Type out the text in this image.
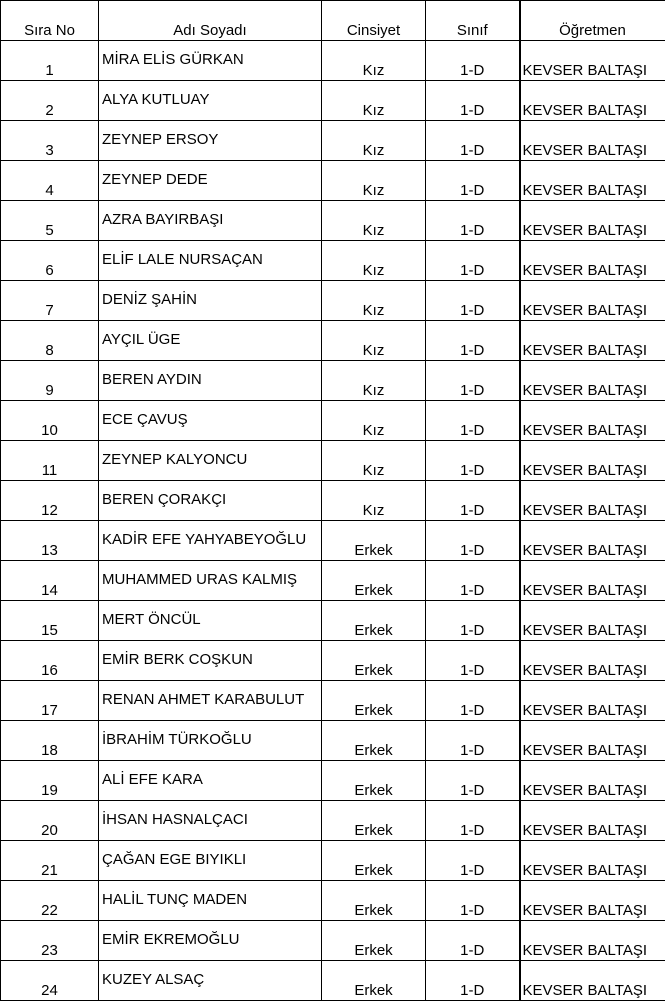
Sıra No	Adı Soyadı	Cinsiyet	Sınıf	Öğretmen
1	MİRA ELİS GÜRKAN	Kız	1-D	KEVSER BALTAŞI
2	ALYA KUTLUAY	Kız	1-D	KEVSER BALTAŞI
3	ZEYNEP ERSOY	Kız	1-D	KEVSER BALTAŞI
4	ZEYNEP DEDE	Kız	1-D	KEVSER BALTAŞI
5	AZRA BAYIRBAŞI	Kız	1-D	KEVSER BALTAŞI
6	ELİF LALE NURSAÇAN	Kız	1-D	KEVSER BALTAŞI
7	DENİZ ŞAHİN	Kız	1-D	KEVSER BALTAŞI
8	AYÇIL ÜGE	Kız	1-D	KEVSER BALTAŞI
9	BEREN AYDIN	Kız	1-D	KEVSER BALTAŞI
10	ECE ÇAVUŞ	Kız	1-D	KEVSER BALTAŞI
11	ZEYNEP KALYONCU	Kız	1-D	KEVSER BALTAŞI
12	BEREN ÇORAKÇI	Kız	1-D	KEVSER BALTAŞI
13	KADİR EFE YAHYABEYOĞLU	Erkek	1-D	KEVSER BALTAŞI
14	MUHAMMED URAS KALMIŞ	Erkek	1-D	KEVSER BALTAŞI
15	MERT ÖNCÜL	Erkek	1-D	KEVSER BALTAŞI
16	EMİR BERK COŞKUN	Erkek	1-D	KEVSER BALTAŞI
17	RENAN AHMET KARABULUT	Erkek	1-D	KEVSER BALTAŞI
18	İBRAHİM TÜRKOĞLU	Erkek	1-D	KEVSER BALTAŞI
19	ALİ EFE KARA	Erkek	1-D	KEVSER BALTAŞI
20	İHSAN HASNALÇACI	Erkek	1-D	KEVSER BALTAŞI
21	ÇAĞAN EGE BIYIKLI	Erkek	1-D	KEVSER BALTAŞI
22	HALİL TUNÇ MADEN	Erkek	1-D	KEVSER BALTAŞI
23	EMİR EKREMOĞLU	Erkek	1-D	KEVSER BALTAŞI
24	KUZEY ALSAÇ	Erkek	1-D	KEVSER BALTAŞI
